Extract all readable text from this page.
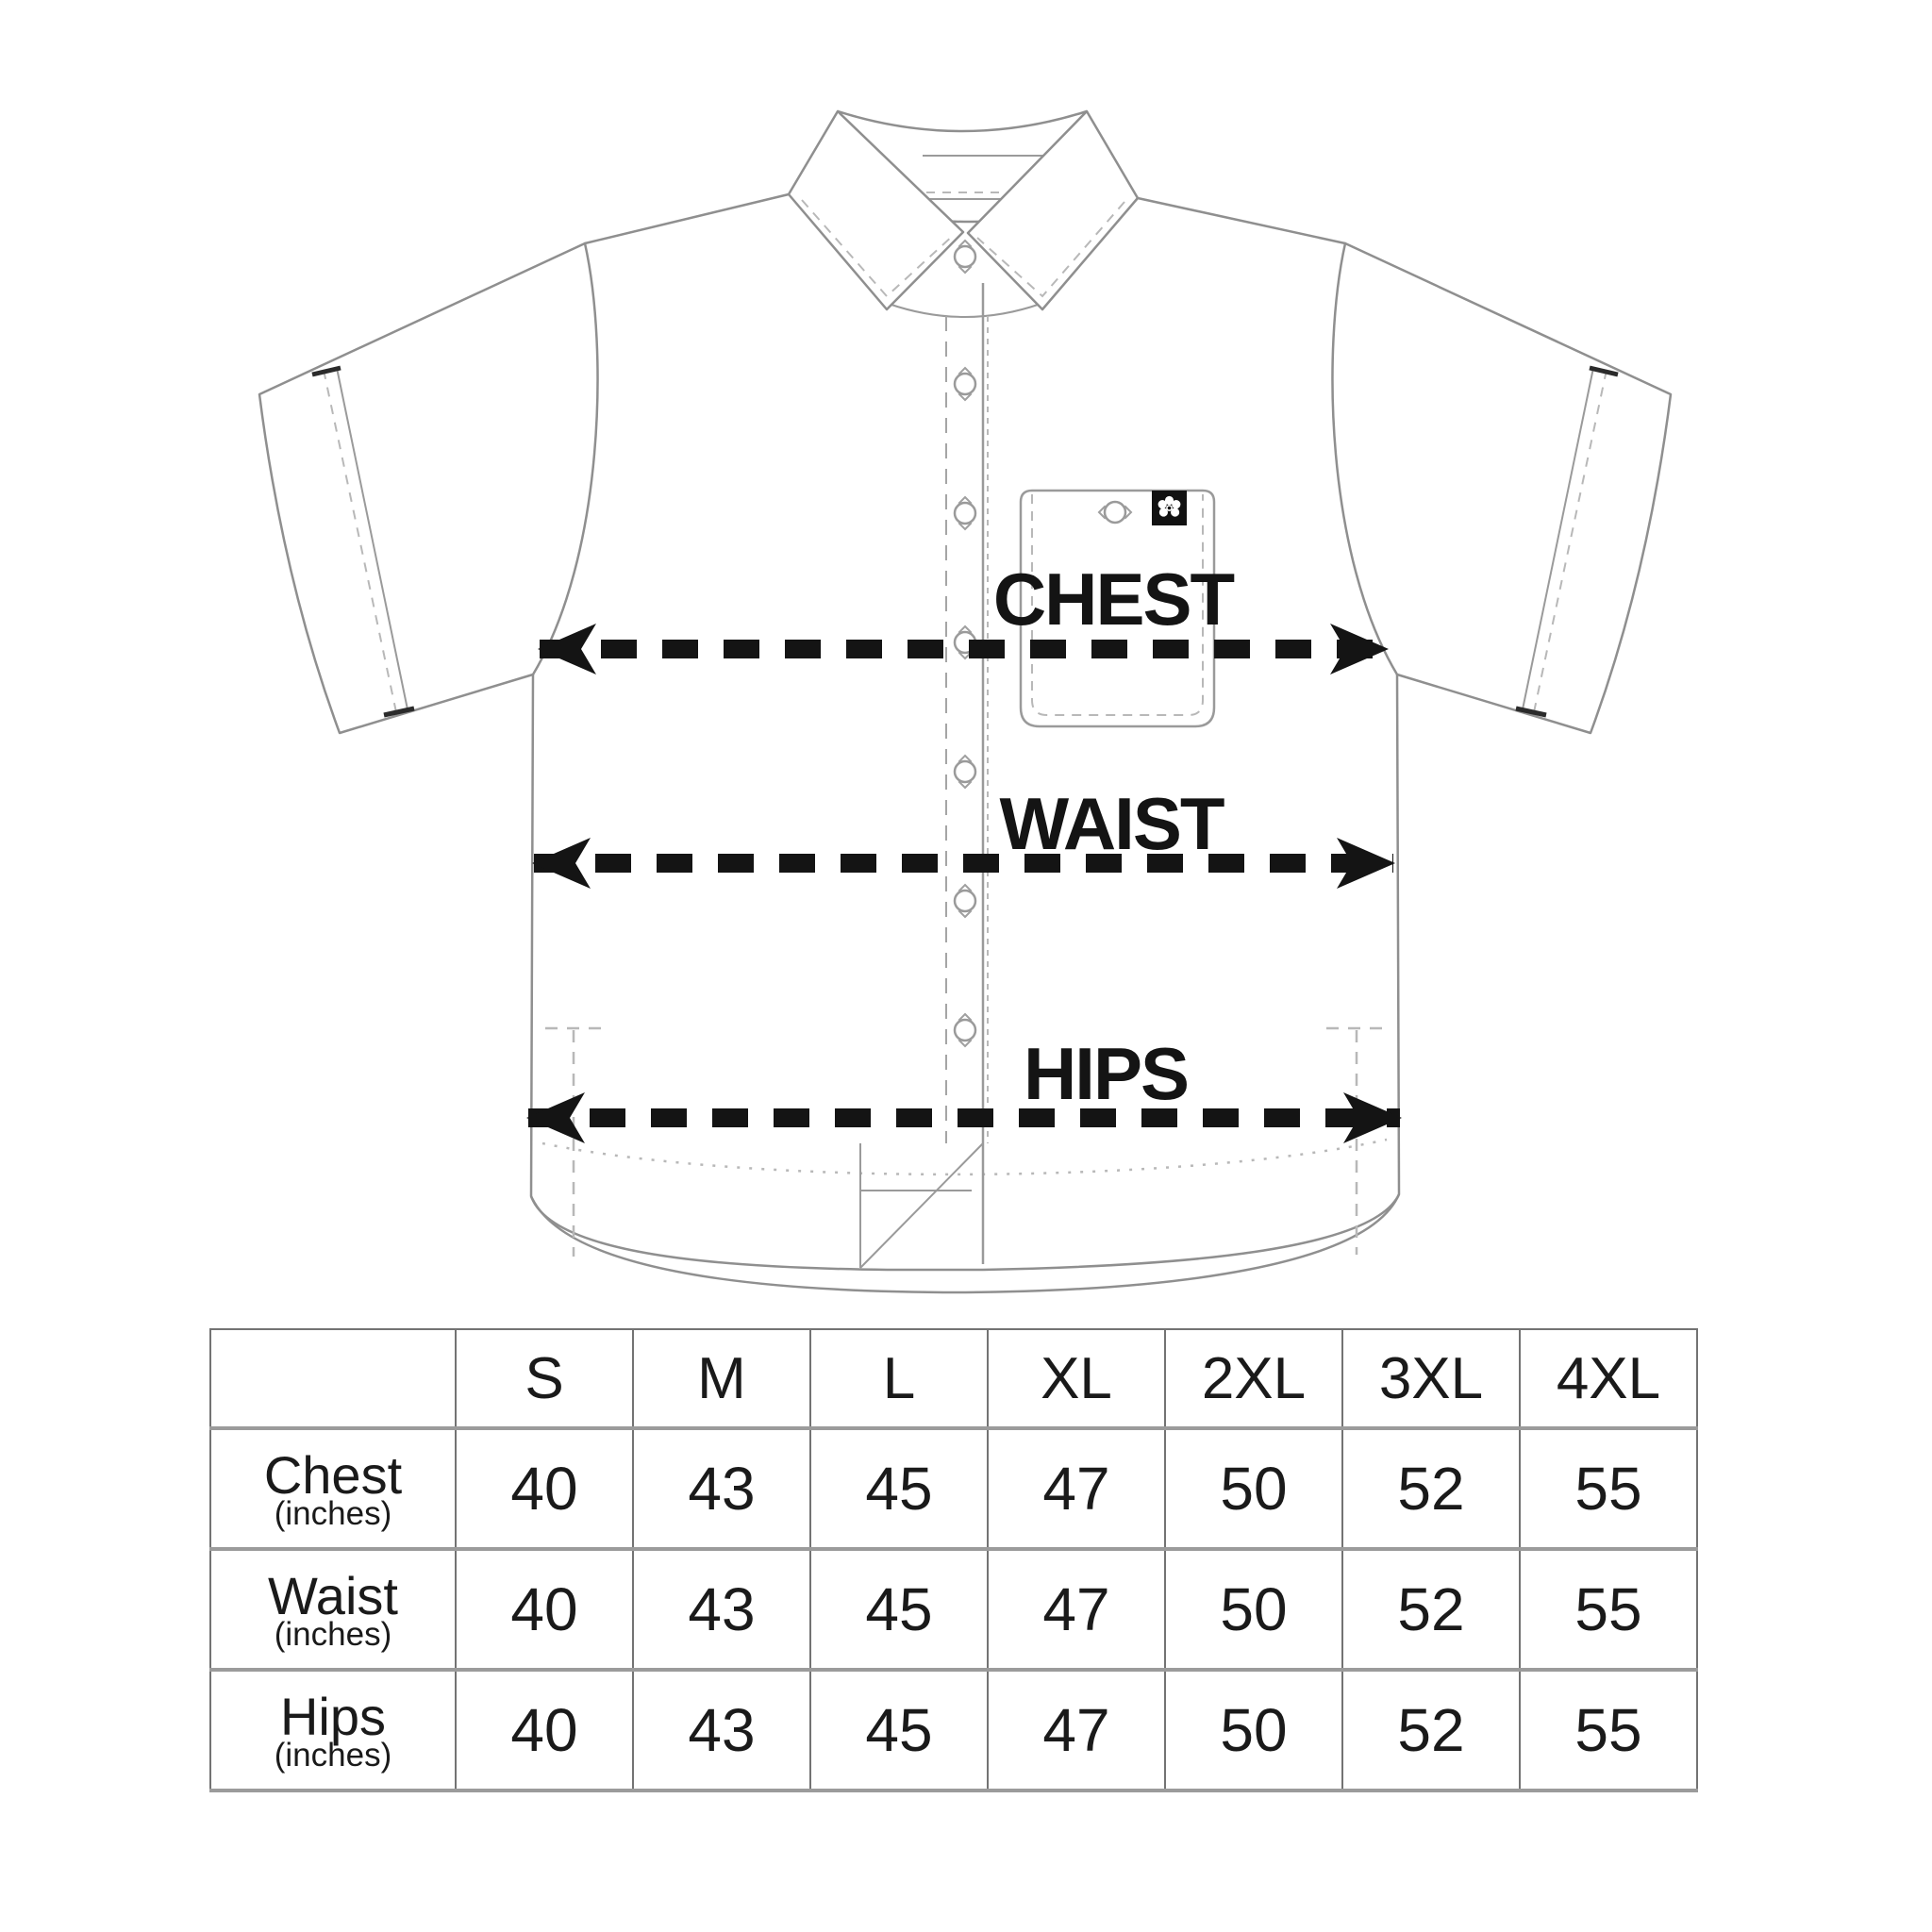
CHEST
WAIST
HIPS
	S	M	L	XL	2XL	3XL	4XL

Chest
(inches)	40	43	45	47	50	52	55

Waist
(inches)	40	43	45	47	50	52	55

Hips
(inches)	40	43	45	47	50	52	55
